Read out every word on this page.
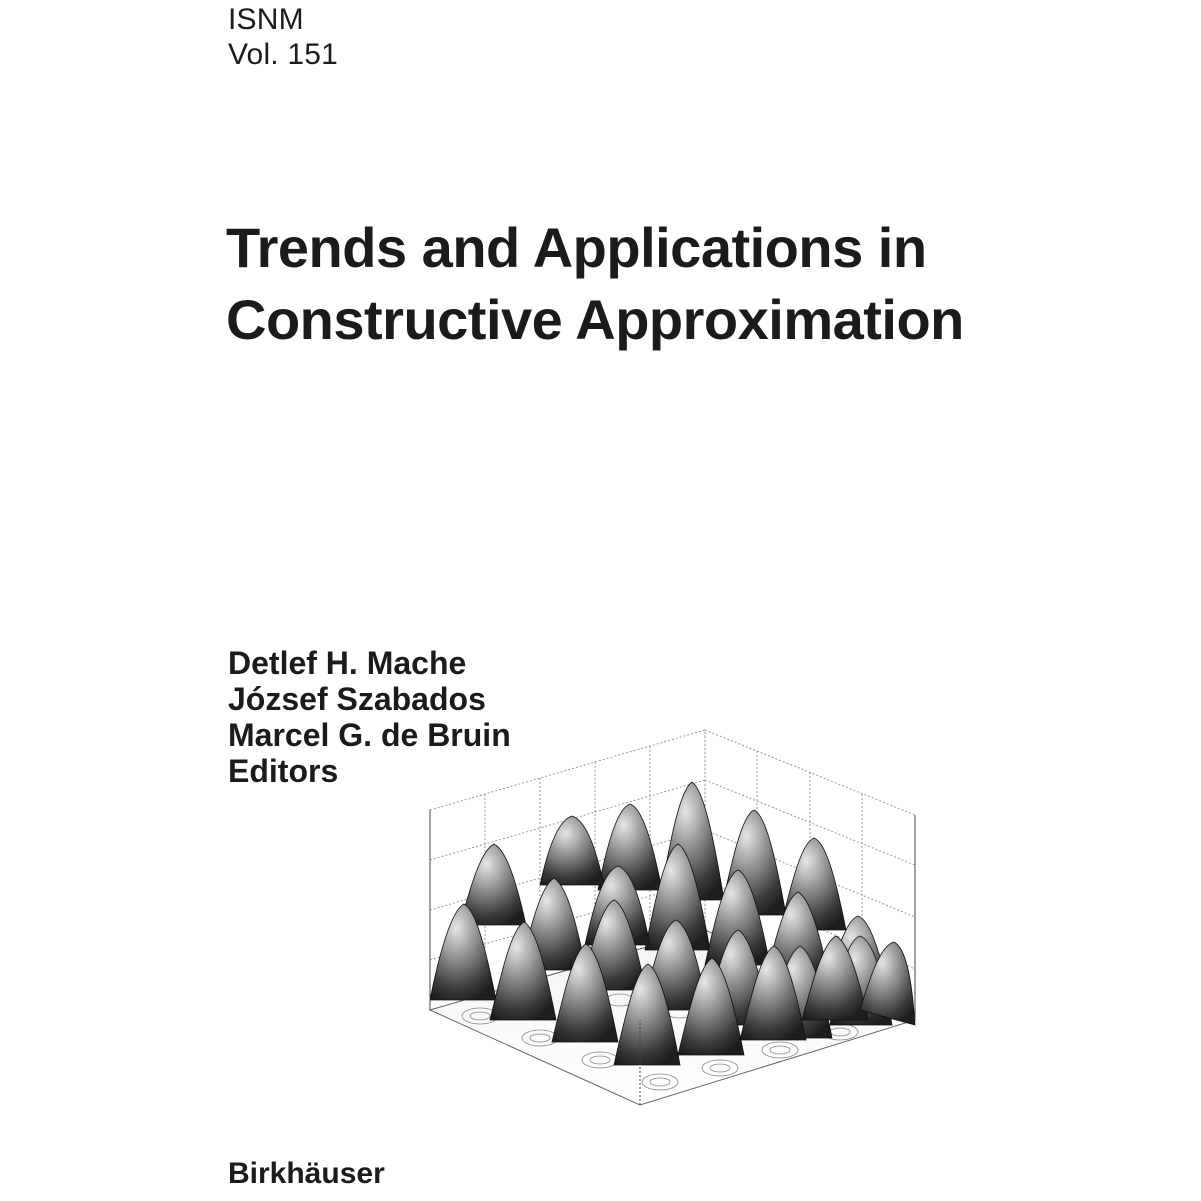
ISNM
Vol. 151
Trends and Applications in
Constructive Approximation
Detlef H. Mache
József Szabados
Marcel G. de Bruin
Editors
Birkhäuser
